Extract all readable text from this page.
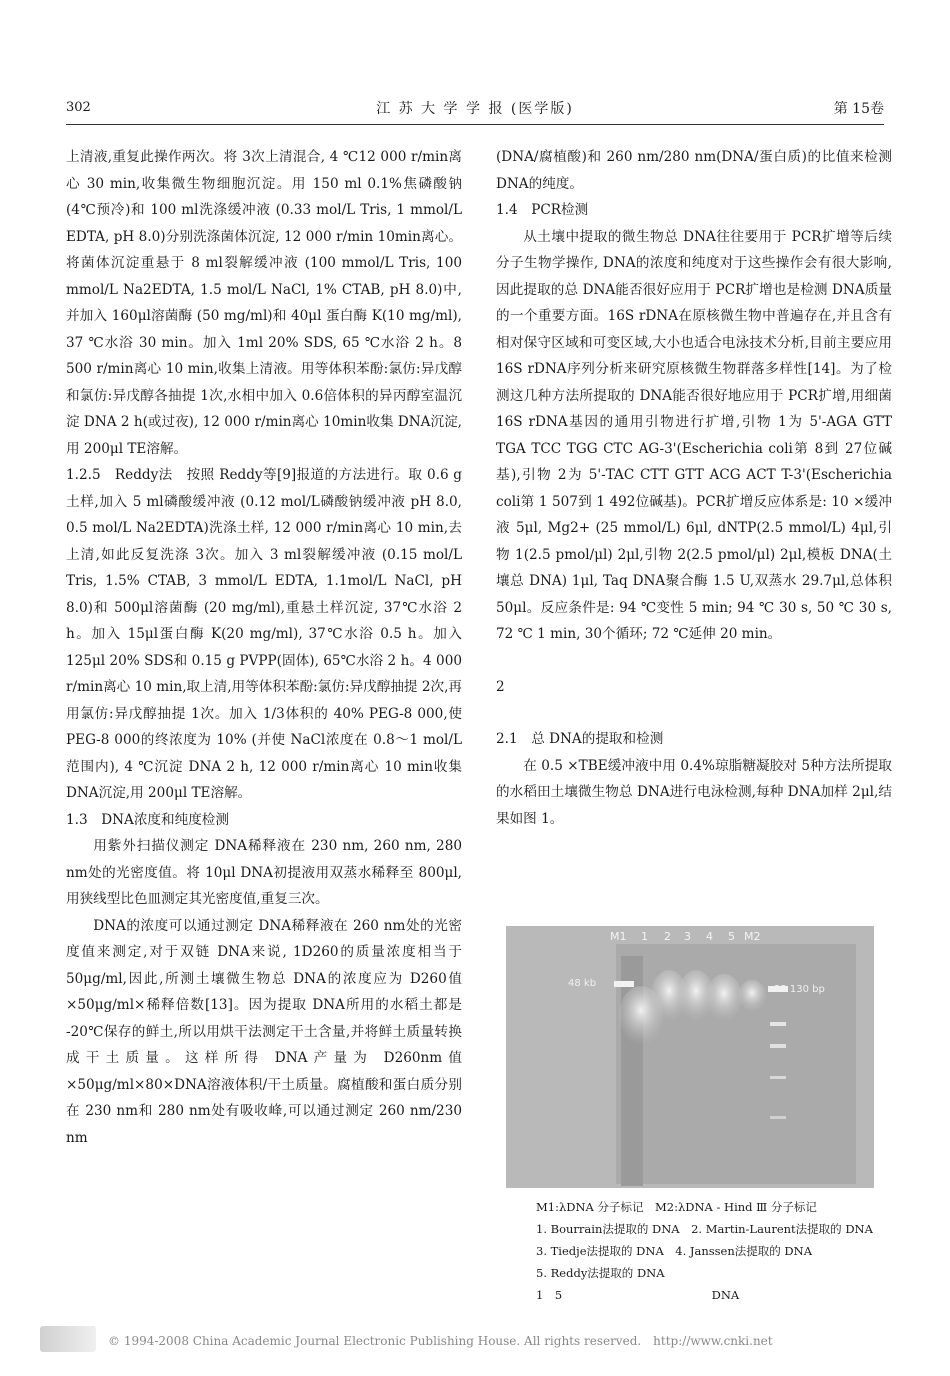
302	江 苏 大 学 学 报 (医学版)	第 15卷

上清液,重复此操作两次。将 3次上清混合, 4 ℃12 000 r/min离心 30 min,收集微生物细胞沉淀。用 150 ml 0.1%焦磷酸钠 (4℃预冷)和 100 ml洗涤缓冲液 (0.33 mol/L Tris, 1 mmol/L EDTA, pH 8.0)分别洗涤菌体沉淀, 12 000 r/min 10min离心。将菌体沉淀重悬于 8 ml裂解缓冲液 (100 mmol/L Tris, 100 mmol/L Na2EDTA, 1.5 mol/L NaCl, 1% CTAB, pH 8.0)中,并加入 160μl溶菌酶 (50 mg/ml)和 40μl 蛋白酶 K(10 mg/ml), 37 ℃水浴 30 min。加入 1ml 20% SDS, 65 ℃水浴 2 h。8 500 r/min离心 10 min,收集上清液。用等体积苯酚:氯仿:异戊醇和氯仿:异戊醇各抽提 1次,水相中加入 0.6倍体积的异丙醇室温沉淀 DNA 2 h(或过夜), 12 000 r/min离心 10min收集 DNA沉淀,用 200μl TE溶解。

1.2.5　Reddy法　按照 Reddy等[9]报道的方法进行。取 0.6 g土样,加入 5 ml磷酸缓冲液 (0.12 mol/L磷酸钠缓冲液 pH 8.0, 0.5 mol/L Na2EDTA)洗涤土样, 12 000 r/min离心 10 min,去上清,如此反复洗涤 3次。加入 3 ml裂解缓冲液 (0.15 mol/L Tris, 1.5% CTAB, 3 mmol/L EDTA, 1.1mol/L NaCl, pH 8.0)和 500μl溶菌酶 (20 mg/ml),重悬土样沉淀, 37℃水浴 2 h。加入 15μl蛋白酶 K(20 mg/ml), 37℃水浴 0.5 h。加入 125μl 20% SDS和 0.15 g PVPP(固体), 65℃水浴 2 h。4 000 r/min离心 10 min,取上清,用等体积苯酚:氯仿:异戊醇抽提 2次,再用氯仿:异戊醇抽提 1次。加入 1/3体积的 40% PEG-8 000,使 PEG-8 000的终浓度为 10% (并使 NaCl浓度在 0.8～1 mol/L范围内), 4 ℃沉淀 DNA 2 h, 12 000 r/min离心 10 min收集 DNA沉淀,用 200μl TE溶解。

1.3　DNA浓度和纯度检测

用紫外扫描仪测定 DNA稀释液在 230 nm, 260 nm, 280 nm处的光密度值。将 10μl DNA初提液用双蒸水稀释至 800μl,用狭线型比色皿测定其光密度值,重复三次。

DNA的浓度可以通过测定 DNA稀释液在 260 nm处的光密度值来测定,对于双链 DNA来说, 1D260的质量浓度相当于 50μg/ml,因此,所测土壤微生物总 DNA的浓度应为 D260值 ×50μg/ml×稀释倍数[13]。因为提取 DNA所用的水稻土都是 -20℃保存的鲜土,所以用烘干法测定干土含量,并将鲜土质量转换成干土质量。这样所得 DNA产量为 D260nm值 ×50μg/ml×80×DNA溶液体积/干土质量。腐植酸和蛋白质分别在 230 nm和 280 nm处有吸收峰,可以通过测定 260 nm/230 nm

(DNA/腐植酸)和 260 nm/280 nm(DNA/蛋白质)的比值来检测 DNA的纯度。

1.4　PCR检测

从土壤中提取的微生物总 DNA往往要用于 PCR扩增等后续分子生物学操作, DNA的浓度和纯度对于这些操作会有很大影响,因此提取的总 DNA能否很好应用于 PCR扩增也是检测 DNA质量的一个重要方面。16S rDNA在原核微生物中普遍存在,并且含有相对保守区域和可变区域,大小也适合电泳技术分析,目前主要应用 16S rDNA序列分析来研究原核微生物群落多样性[14]。为了检测这几种方法所提取的 DNA能否很好地应用于 PCR扩增,用细菌 16S rDNA基因的通用引物进行扩增,引物 1为 5'-AGA GTT TGA TCC TGG CTC AG-3'(Escherichia coli第 8到 27位碱基),引物 2为 5'-TAC CTT GTT ACG ACT T-3'(Escherichia coli第 1 507到 1 492位碱基)。PCR扩增反应体系是: 10 ×缓冲液 5μl, Mg2+ (25 mmol/L) 6μl, dNTP(2.5 mmol/L) 4μl,引物 1(2.5 pmol/μl) 2μl,引物 2(2.5 pmol/μl) 2μl,模板 DNA(土壤总 DNA) 1μl, Taq DNA聚合酶 1.5 U,双蒸水 29.7μl,总体积 50μl。反应条件是: 94 ℃变性 5 min; 94 ℃ 30 s, 50 ℃ 30 s, 72 ℃ 1 min, 30个循环; 72 ℃延伸 20 min。

2

2.1　总 DNA的提取和检测

在 0.5 ×TBE缓冲液中用 0.4%琼脂糖凝胶对 5种方法所提取的水稻田土壤微生物总 DNA进行电泳检测,每种 DNA加样 2μl,结果如图 1。

M1 1 2 3 4 5 M2
48 kb
23 130 bp
M1:λDNA 分子标记　M2:λDNA - Hind Ⅲ 分子标记
1. Bourrain法提取的 DNA　2. Martin-Laurent法提取的 DNA
3. Tiedje法提取的 DNA　4. Janssen法提取的 DNA
5. Reddy法提取的 DNA
1　5　　　　　　　　　　　　　DNA
© 1994-2008 China Academic Journal Electronic Publishing House. All rights reserved.　http://www.cnki.net
